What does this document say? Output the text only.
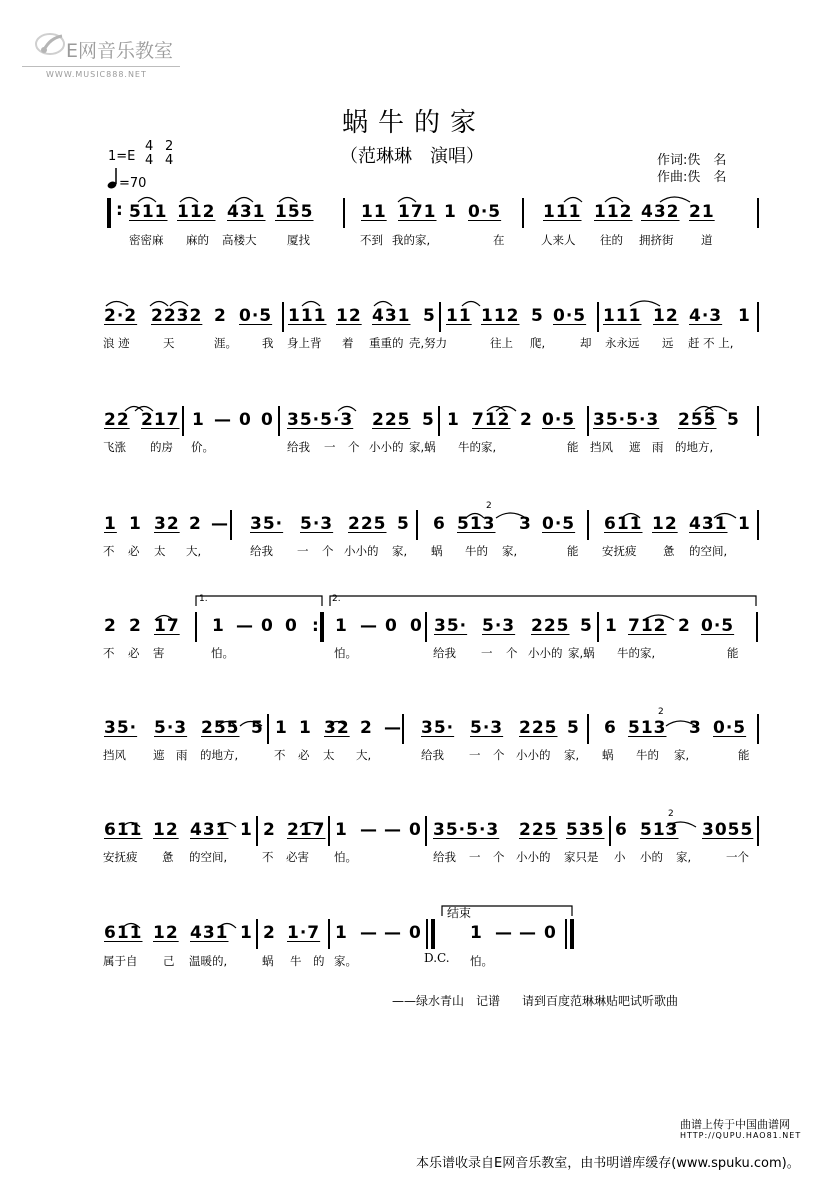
E网音乐教室
WWW.MUSIC888.NET
蜗牛的家
（范琳琳　演唱）
1=E
4
4
2
4
=70
作词:佚　名
作曲:佚　名
2
2
2
: 511 112 431 155	11 171 1 0·5 111 112 432 21
密密麻 麻的 高楼大	厦找	不到 我的家,	在	人来人 往的 拥挤街 道
2·2 2232 2 0·5 111 12 431 5 11 112 5 0·5 111 12 4·3 1
浪 迹	天	涯。 我 身上背 着 重重的 壳,努力	往上 爬,	却 永永远 远 赶 不 上,
22 217 1 — 0 0 35·5·3 225 5 1 712 2 0·5 35·5·3 255 5
飞涨 的房 价。	给我 一 个 小小的 家,蜗 牛的家,	能 挡风 遮 雨 的地方,
1 1 32 2 — 35· 5·3 225 5 6 513 3 0·5 611 12 431 1
不 必 太 大,	给我 一 个 小小的 家, 蜗 牛的 家,	能 安抚疲 惫 的空间,
2 2 17
1.
1 — 0 0 :
2.
1 — 0 0 35· 5·3 225 5 1 712 2 0·5
不 必 害	怕。	怕。	给我 一 个 小小的 家,蜗 牛的家,	能
35· 5·3 255 5 1 1 32 2 — 35· 5·3 225 5 6 513 3 0·5
挡风 遮 雨 的地方,	不 必 太 大,	给我 一 个 小小的 家, 蜗 牛的 家,	能
611 12 431 1 2 217 1 — — 0 35·5·3 225 535 6 513 3055
安抚疲 惫 的空间,	不 必害 怕。	给我 一 个 小小的 家只是 小 小的 家,	一个
611 12 431 1 2 1·7 1 — — 0
结束
1 — — 0
属于自 己 温暖的,	蜗 牛 的 家。	D.C. 怕。
——绿水青山　记谱 请到百度范琳琳贴吧试听歌曲
曲谱上传于中国曲谱网
HTTP://QUPU.HAO81.NET
本乐谱收录自E网音乐教室，由书明谱库缓存(www.spuku.com)。
